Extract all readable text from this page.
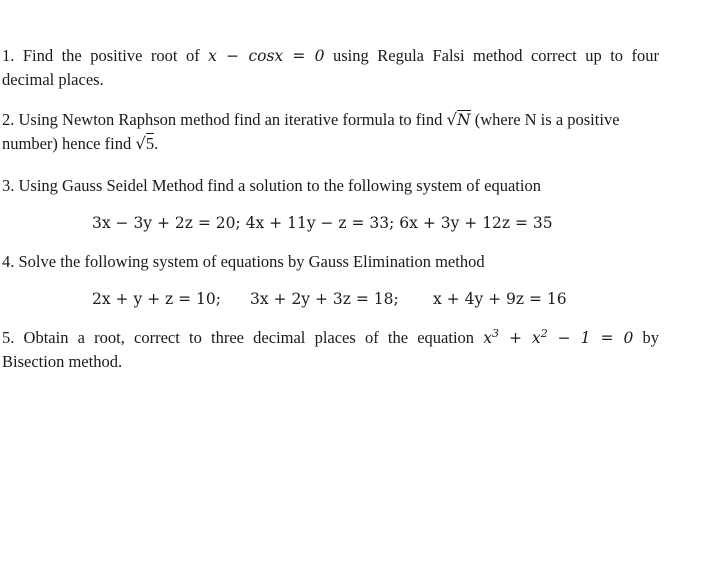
1. Find the positive root of x − cosx = 0 using Regula Falsi method correct up to four
decimal places.
2. Using Newton Raphson method find an iterative formula to find √N (where N is a positive
number) hence find √5.
3. Using Gauss Seidel Method find a solution to the following system of equation
3x − 3y + 2z = 20; 4x + 11y − z = 33; 6x + 3y + 12z = 35
4. Solve the following system of equations by Gauss Elimination method
2x + y + z = 10; 3x + 2y + 3z = 18; x + 4y + 9z = 16
5. Obtain a root, correct to three decimal places of the equation $x^3 + x^2 - 1 = 0$ by
Bisection method.
